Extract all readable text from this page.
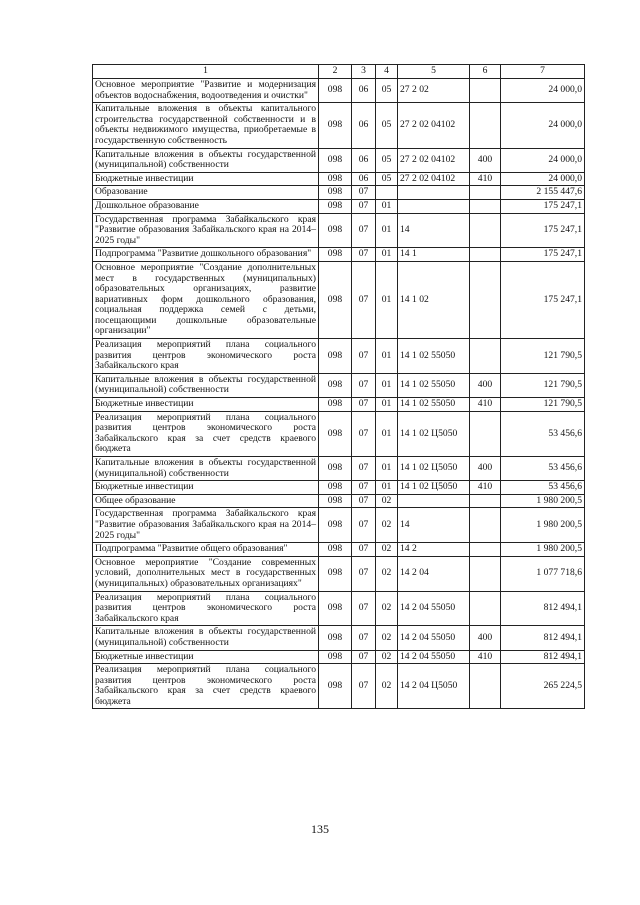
1	2	3	4	5	6	7
Основное мероприятие "Развитие и модернизация объектов водоснабжения, водоотведения и очистки"	098	06	05	27 2 02		24 000,0
Капитальные вложения в объекты капитального строительства государственной собственности и в объекты недвижимого имущества, приобретаемые в государственную собственность	098	06	05	27 2 02 04102		24 000,0
Капитальные вложения в объекты государственной (муниципальной) собственности	098	06	05	27 2 02 04102	400	24 000,0
Бюджетные инвестиции	098	06	05	27 2 02 04102	410	24 000,0
Образование	098	07				2 155 447,6
Дошкольное образование	098	07	01			175 247,1
Государственная программа Забайкальского края "Развитие образования Забайкальского края на 2014–2025 годы"	098	07	01	14		175 247,1
Подпрограмма "Развитие дошкольного образования"	098	07	01	14 1		175 247,1
Основное мероприятие "Создание дополнительных мест в государственных (муниципальных) образовательных организациях, развитие вариативных форм дошкольного образования, социальная поддержка семей с детьми, посещающими дошкольные образовательные организации"	098	07	01	14 1 02		175 247,1
Реализация мероприятий плана социального развития центров экономического роста Забайкальского края	098	07	01	14 1 02 55050		121 790,5
Капитальные вложения в объекты государственной (муниципальной) собственности	098	07	01	14 1 02 55050	400	121 790,5
Бюджетные инвестиции	098	07	01	14 1 02 55050	410	121 790,5
Реализация мероприятий плана социального развития центров экономического роста Забайкальского края за счет средств краевого бюджета	098	07	01	14 1 02 Ц5050		53 456,6
Капитальные вложения в объекты государственной (муниципальной) собственности	098	07	01	14 1 02 Ц5050	400	53 456,6
Бюджетные инвестиции	098	07	01	14 1 02 Ц5050	410	53 456,6
Общее образование	098	07	02			1 980 200,5
Государственная программа Забайкальского края "Развитие образования Забайкальского края на 2014–2025 годы"	098	07	02	14		1 980 200,5
Подпрограмма "Развитие общего образования"	098	07	02	14 2		1 980 200,5
Основное мероприятие "Создание современных условий, дополнительных мест в государственных (муниципальных) образовательных организациях"	098	07	02	14 2 04		1 077 718,6
Реализация мероприятий плана социального развития центров экономического роста Забайкальского края	098	07	02	14 2 04 55050		812 494,1
Капитальные вложения в объекты государственной (муниципальной) собственности	098	07	02	14 2 04 55050	400	812 494,1
Бюджетные инвестиции	098	07	02	14 2 04 55050	410	812 494,1
Реализация мероприятий плана социального развития центров экономического роста Забайкальского края за счет средств краевого бюджета	098	07	02	14 2 04 Ц5050		265 224,5
135
